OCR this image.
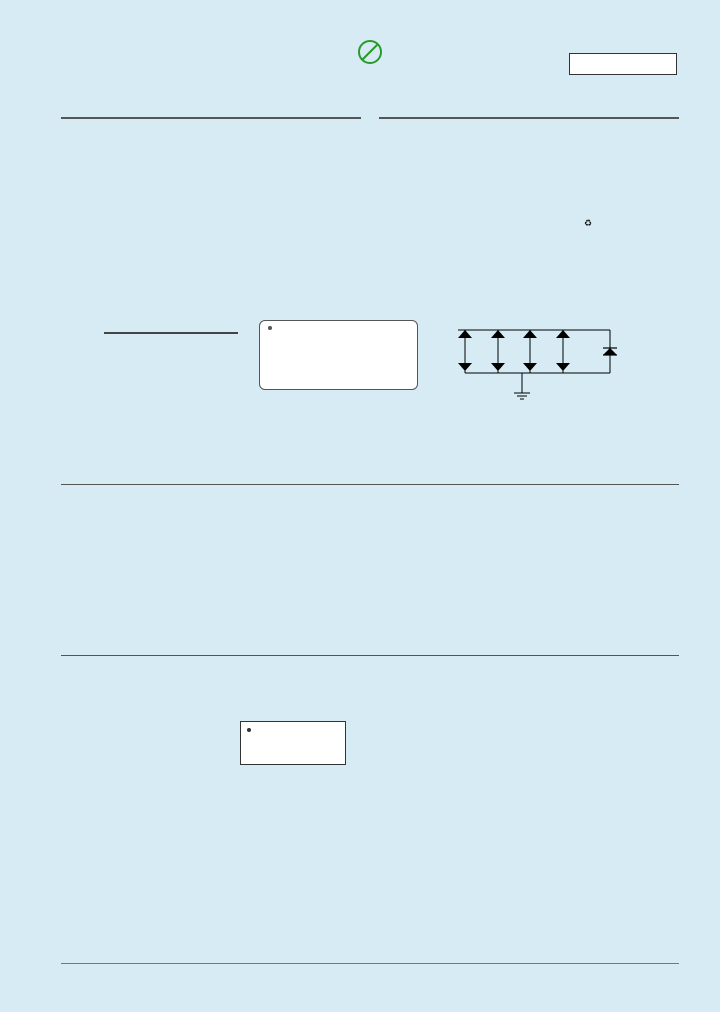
♻
